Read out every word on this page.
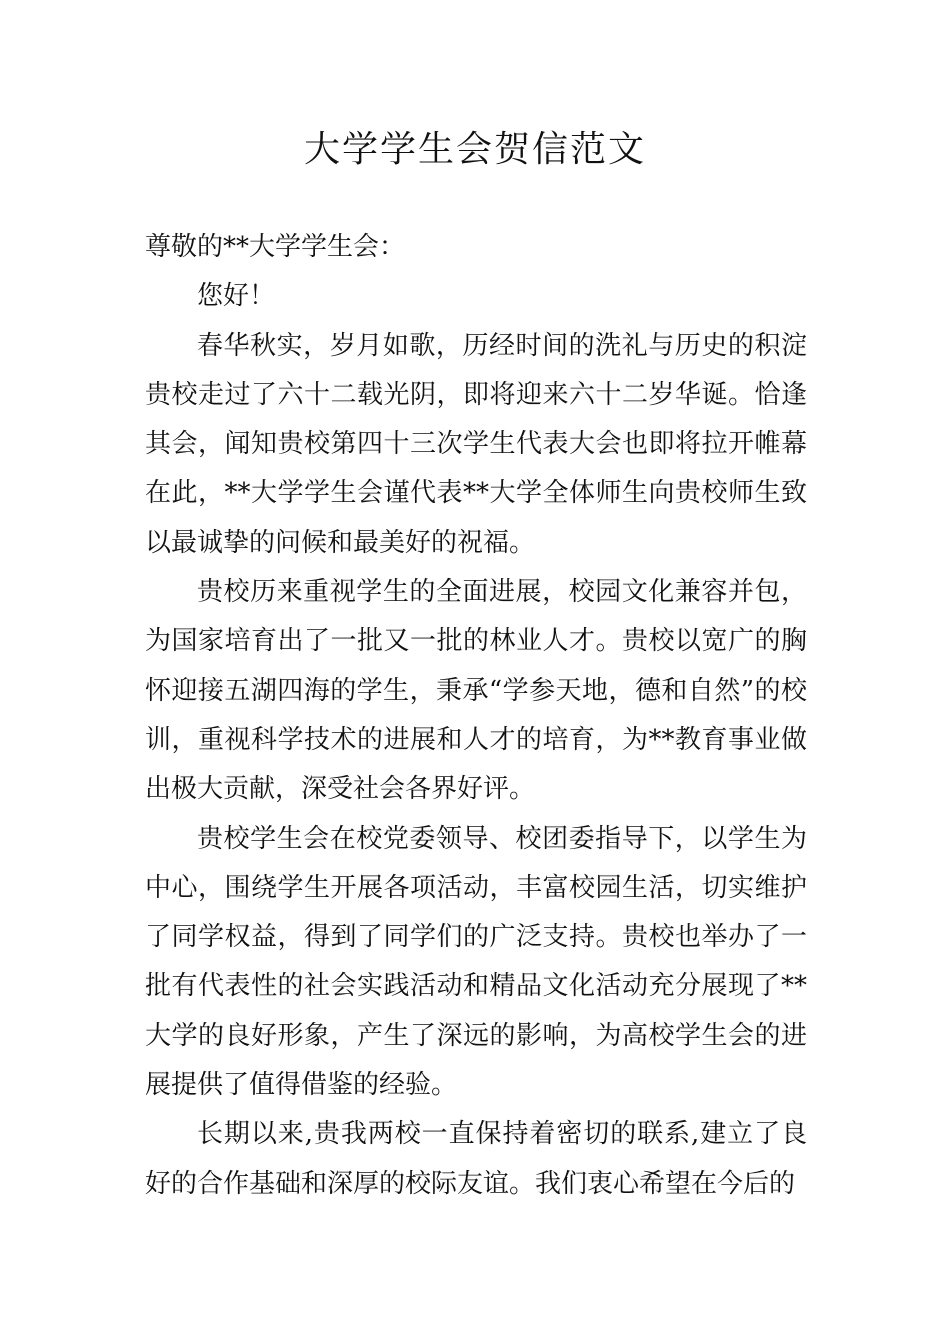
大学学生会贺信范文

尊敬的**大学学生会：

您好！

春华秋实，岁月如歌，历经时间的洗礼与历史的积淀贵校走过了六十二载光阴，即将迎来六十二岁华诞。恰逢其会，闻知贵校第四十三次学生代表大会也即将拉开帷幕在此，**大学学生会谨代表**大学全体师生向贵校师生致以最诚挚的问候和最美好的祝福。

贵校历来重视学生的全面进展，校园文化兼容并包，为国家培育出了一批又一批的林业人才。贵校以宽广的胸怀迎接五湖四海的学生，秉承“学参天地，德和自然”的校训，重视科学技术的进展和人才的培育，为**教育事业做出极大贡献，深受社会各界好评。

贵校学生会在校党委领导、校团委指导下，以学生为中心，围绕学生开展各项活动，丰富校园生活，切实维护了同学权益，得到了同学们的广泛支持。贵校也举办了一批有代表性的社会实践活动和精品文化活动充分展现了**大学的良好形象，产生了深远的影响，为高校学生会的进展提供了值得借鉴的经验。

长期以来,贵我两校一直保持着密切的联系,建立了良好的合作基础和深厚的校际友谊。我们衷心希望在今后的
